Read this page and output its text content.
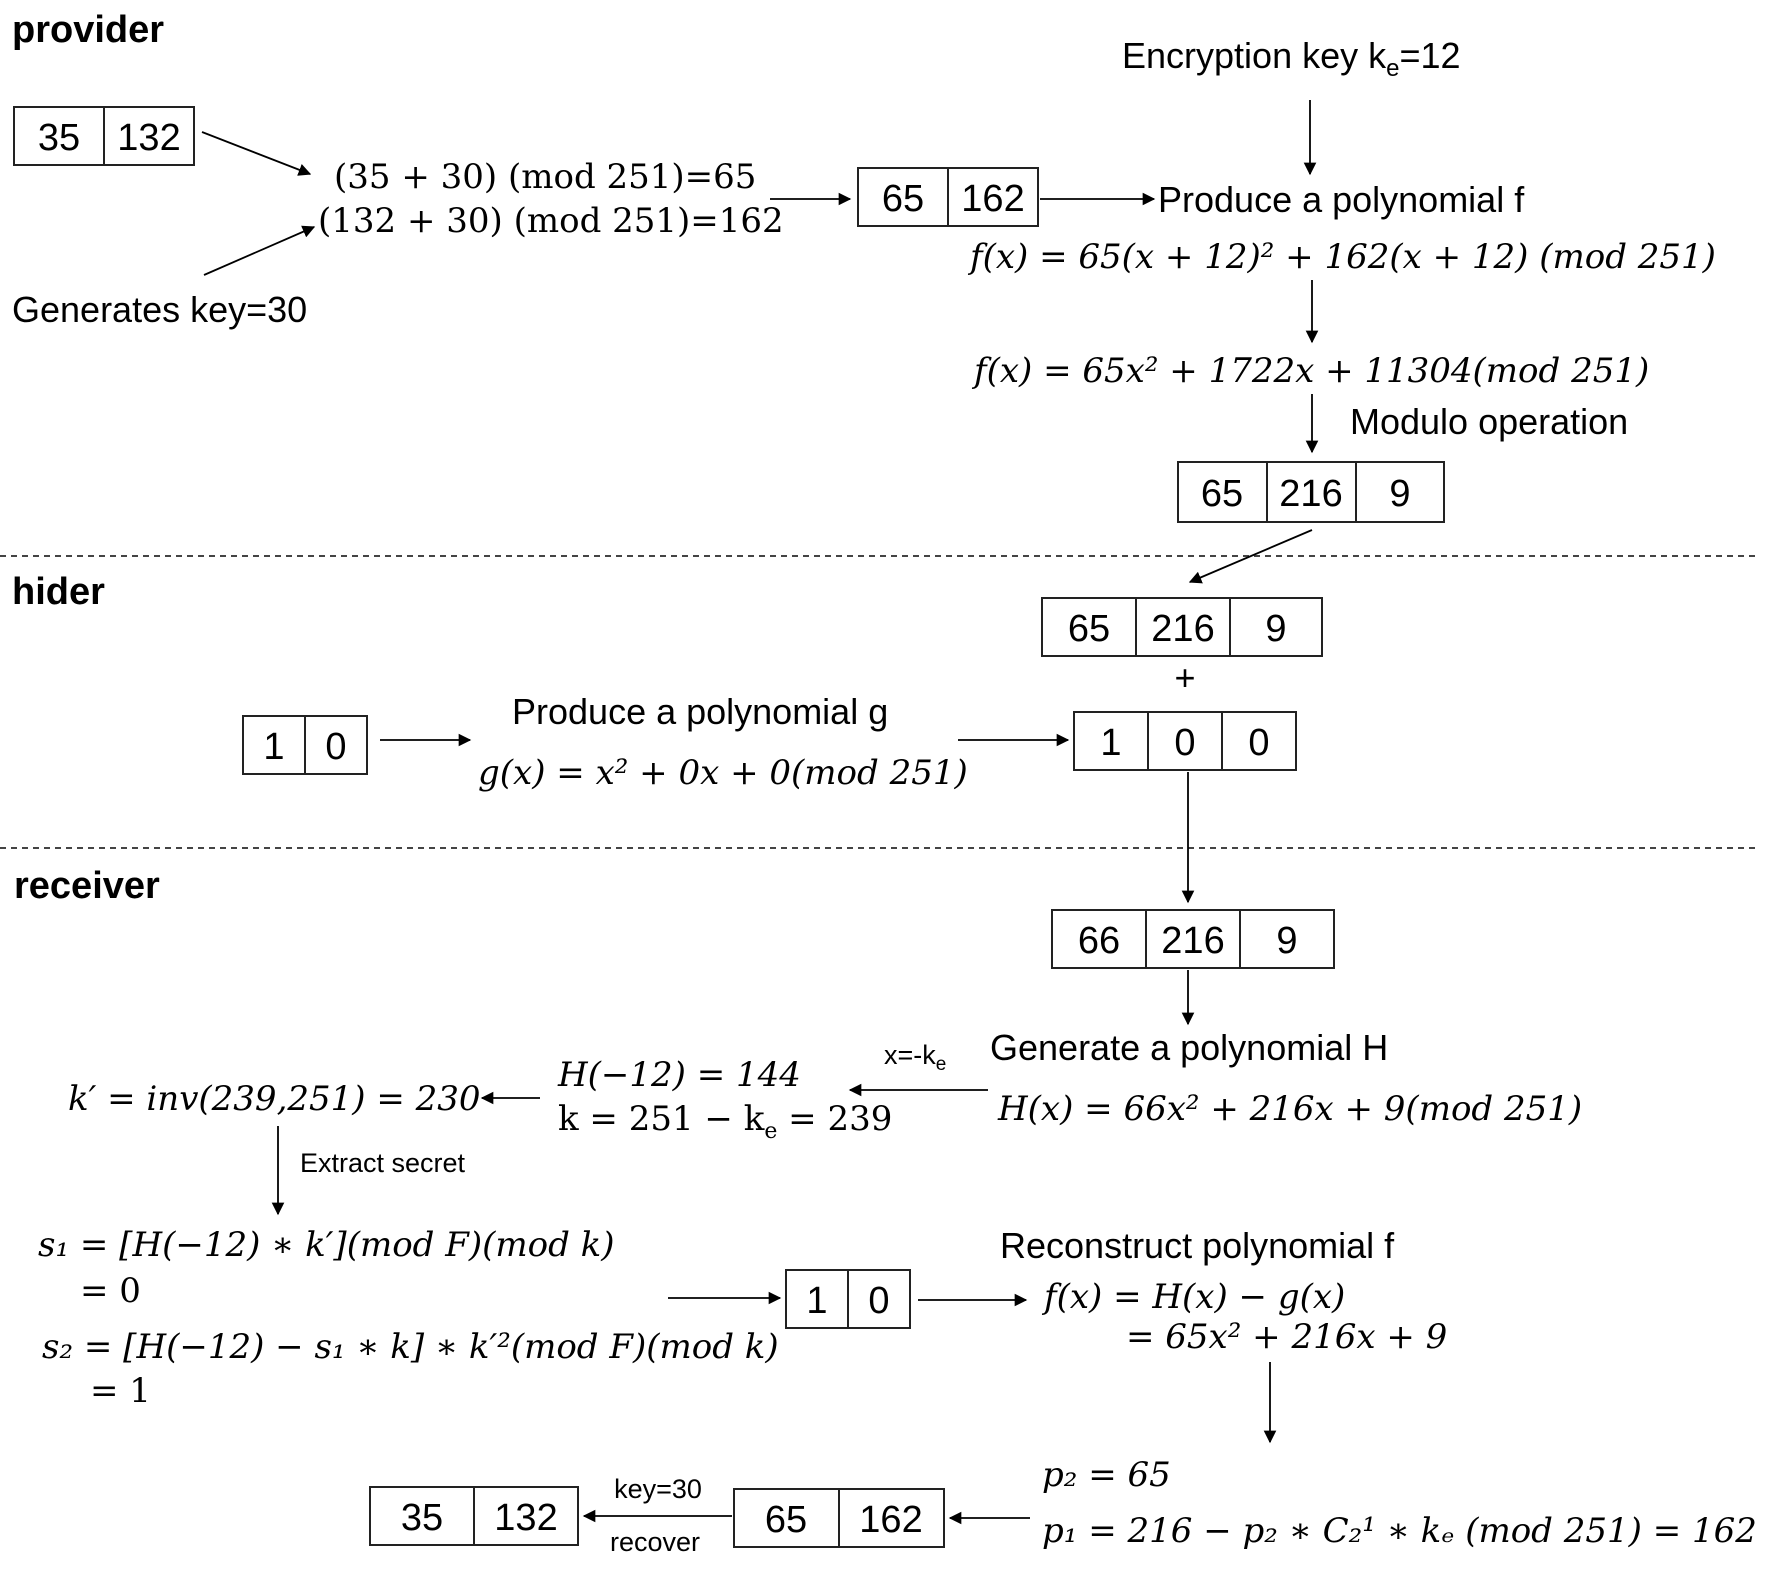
provider
hider
receiver
35 132
(35 + 30) (mod 251)=65
(132 + 30) (mod 251)=162
Generates key=30
65 162
Encryption key $k_e=12$
Produce a polynomial f
f(x) = 65(x + 12)² + 162(x + 12) (mod 251)
f(x) = 65x² + 1722x + 11304(mod 251)
Modulo operation
65 216 9
65 216 9
+
1 0
Produce a polynomial g
g(x) = x² + 0x + 0(mod 251)
1 0 0
66 216 9
Generate a polynomial H
H(x) = 66x² + 216x + 9(mod 251)
$x=-k_e$
H(−12) = 144
$k = 251 - k_e = 239$
k′ = inv(239,251) = 230
Extract secret
s₁ = [H(−12) ∗ k′](mod F)(mod k)
= 0
s₂ = [H(−12) − s₁ ∗ k] ∗ k′²(mod F)(mod k)
= 1
1 0
Reconstruct polynomial f
f(x) = H(x) − g(x)
= 65x² + 216x + 9
p₂ = 65
p₁ = 216 − p₂ ∗ C₂¹ ∗ kₑ (mod 251) = 162
65 162
key=30
recover
35 132
